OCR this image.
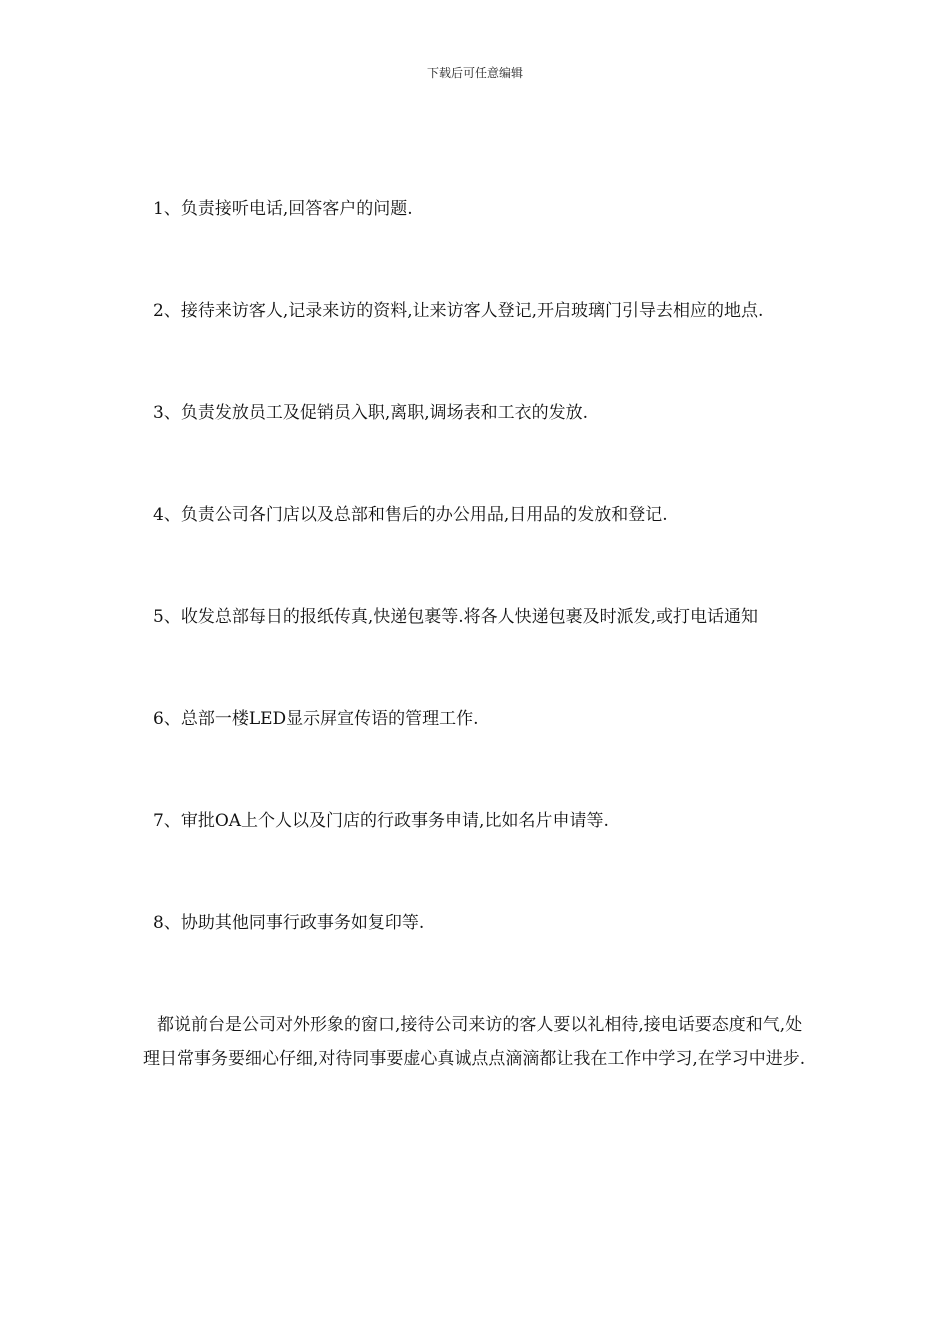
下载后可任意编辑

1、负责接听电话,回答客户的问题.

2、接待来访客人,记录来访的资料,让来访客人登记,开启玻璃门引导去相应的地点.

3、负责发放员工及促销员入职,离职,调场表和工衣的发放.

4、负责公司各门店以及总部和售后的办公用品,日用品的发放和登记.

5、收发总部每日的报纸传真,快递包裹等.将各人快递包裹及时派发,或打电话通知

6、总部一楼LED显示屏宣传语的管理工作.

7、审批OA上个人以及门店的行政事务申请,比如名片申请等.

8、协助其他同事行政事务如复印等.

都说前台是公司对外形象的窗口,接待公司来访的客人要以礼相待,接电话要态度和气,处理日常事务要细心仔细,对待同事要虚心真诚点点滴滴都让我在工作中学习,在学习中进步.
